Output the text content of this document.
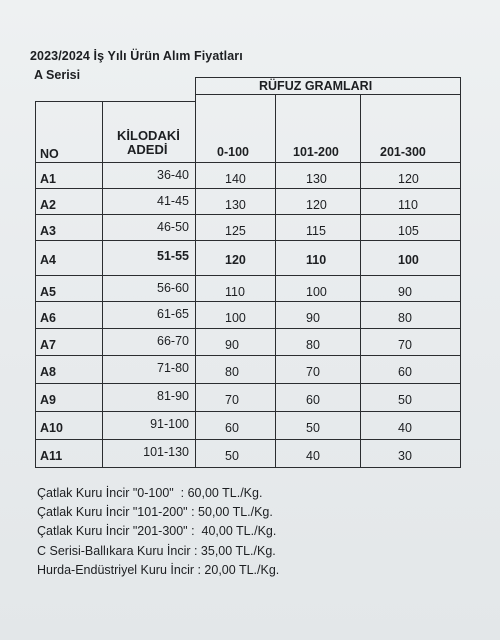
2023/2024 İş Yılı Ürün Alım Fiyatları
A Serisi
RÜFUZ GRAMLARI
NO
KİLODAKİ
ADEDİ	0-100	101-200	201-300
A1	36-40	140	130	120
A2	41-45	130	120	110
A3	46-50	125	115	105
A4	51-55	120	110	100
A5	56-60	110	100	90
A6	61-65	100	90	80
A7	66-70	90	80	70
A8	71-80	80	70	60
A9	81-90	70	60	50
A10	91-100	60	50	40
A11	101-130	50	40	30
Çatlak Kuru İncir "0-100"  : 60,00 TL./Kg.
Çatlak Kuru İncir "101-200" : 50,00 TL./Kg.
Çatlak Kuru İncir "201-300" :  40,00 TL./Kg.
C Serisi-Ballıkara Kuru İncir : 35,00 TL./Kg.
Hurda-Endüstriyel Kuru İncir : 20,00 TL./Kg.
